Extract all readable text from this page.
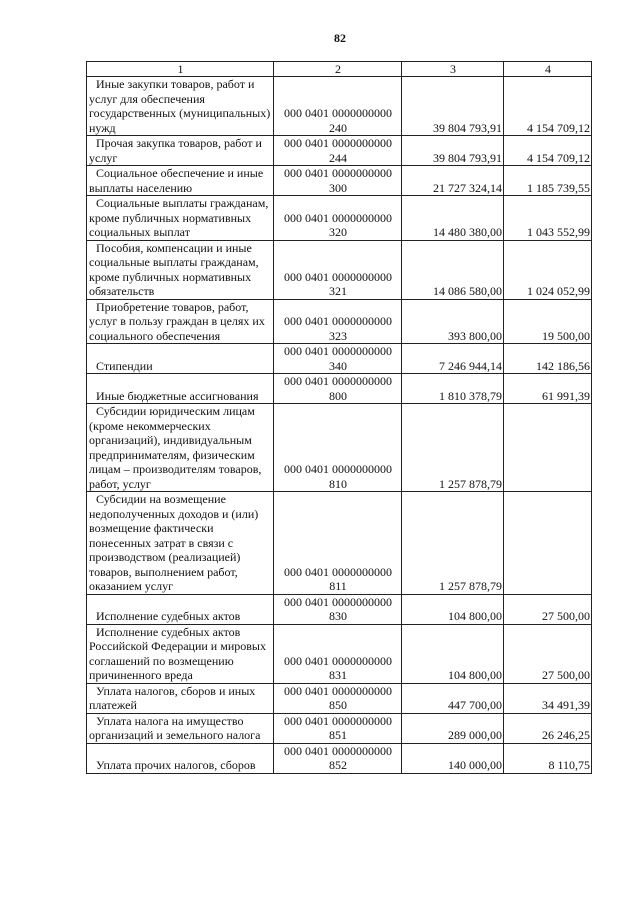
82
1	2	3	4

Иные закупки товаров, работ и услуг для обеспечения государственных (муниципальных) нужд	000 0401 0000000000 240	39 804 793,91	4 154 709,12

Прочая закупка товаров, работ и услуг	000 0401 0000000000 244	39 804 793,91	4 154 709,12

Социальное обеспечение и иные выплаты населению	000 0401 0000000000 300	21 727 324,14	1 185 739,55

Социальные выплаты гражданам, кроме публичных нормативных социальных выплат	000 0401 0000000000 320	14 480 380,00	1 043 552,99

Пособия, компенсации и иные социальные выплаты гражданам, кроме публичных нормативных обязательств	000 0401 0000000000 321	14 086 580,00	1 024 052,99

Приобретение товаров, работ, услуг в пользу граждан в целях их социального обеспечения	000 0401 0000000000 323	393 800,00	19 500,00

Стипендии	000 0401 0000000000 340	7 246 944,14	142 186,56

Иные бюджетные ассигнования	000 0401 0000000000 800	1 810 378,79	61 991,39

Субсидии юридическим лицам (кроме некоммерческих организаций), индивидуальным предпринимателям, физическим лицам – производителям товаров, работ, услуг	000 0401 0000000000 810	1 257 878,79	

Субсидии на возмещение недополученных доходов и (или) возмещение фактически понесенных затрат в связи с производством (реализацией) товаров, выполнением работ, оказанием услуг	000 0401 0000000000 811	1 257 878,79	

Исполнение судебных актов	000 0401 0000000000 830	104 800,00	27 500,00

Исполнение судебных актов Российской Федерации и мировых соглашений по возмещению причиненного вреда	000 0401 0000000000 831	104 800,00	27 500,00

Уплата налогов, сборов и иных платежей	000 0401 0000000000 850	447 700,00	34 491,39

Уплата налога на имущество организаций и земельного налога	000 0401 0000000000 851	289 000,00	26 246,25

Уплата прочих налогов, сборов	000 0401 0000000000 852	140 000,00	8 110,75
